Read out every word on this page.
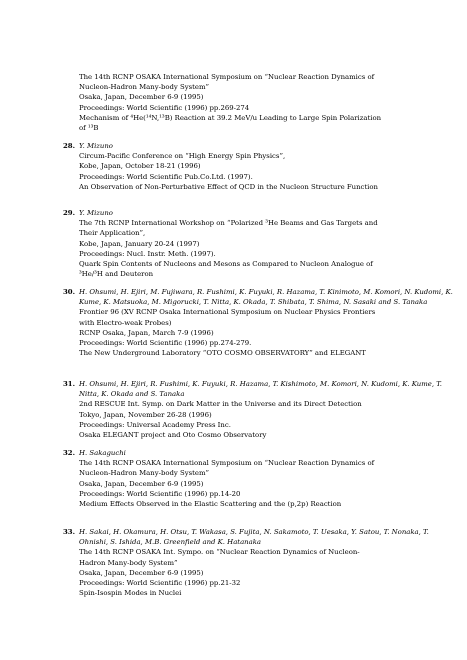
The 14th RCNP OSAKA International Symposium on “Nuclear Reaction Dynamics of
Nucleon-Hadron Many-body System”
Osaka, Japan, December 6-9 (1995)
Proceedings: World Scientific (1996) pp.269-274
Mechanism of ⁴He(¹⁴N,¹³B) Reaction at 39.2 MeV/u Leading to Large Spin Polarization
of ¹³B
28. Y. Mizuno
Circum-Pacific Conference on “High Energy Spin Physics”,
Kobe, Japan, October 18-21 (1996)
Proceedings: World Scientific Pub.Co.Ltd. (1997).
An Observation of Non-Perturbative Effect of QCD in the Nucleon Structure Function
29. Y. Mizuno
The 7th RCNP International Workshop on “Polarized ³He Beams and Gas Targets and
Their Application”,
Kobe, Japan, January 20-24 (1997)
Proceedings: Nucl. Instr. Meth. (1997).
Quark Spin Contents of Nucleons and Mesons as Compared to Nucleon Analogue of
³He/³H and Deuteron
30. H. Ohsumi, H. Ejiri, M. Fujiwara, R. Fushimi, K. Fuyuki, R. Hazama, T. Kinimoto, M. Komori, N. Kudomi, K. Kume, K. Matsuoka, M. Migorucki, T. Nitta, K. Okada, T. Shibata, T. Shima, N. Sasaki and S. Tanaka
Frontier 96 (XV RCNP Osaka International Symposium on Nuclear Physics Frontiers
with Electro-weak Probes)
RCNP Osaka, Japan, March 7-9 (1996)
Proceedings: World Scientific (1996) pp.274-279.
The New Underground Laboratory “OTO COSMO OBSERVATORY” and ELEGANT
31. H. Ohsumi, H. Ejiri, R. Fushimi, K. Fuyuki, R. Hazama, T. Kishimoto, M. Komori, N. Kudomi, K. Kume, T. Nitta, K. Okada and S. Tanaka
2nd RESCUE Int. Symp. on Dark Matter in the Universe and its Direct Detection
Tokyo, Japan, November 26-28 (1996)
Proceedings: Universal Academy Press Inc.
Osaka ELEGANT project and Oto Cosmo Observatory
32. H. Sakaguchi
The 14th RCNP OSAKA International Symposium on “Nuclear Reaction Dynamics of
Nucleon-Hadron Many-body System”
Osaka, Japan, December 6-9 (1995)
Proceedings: World Scientific (1996) pp.14-20
Medium Effects Observed in the Elastic Scattering and the (p,2p) Reaction
33. H. Sakai, H. Okamura, H. Otsu, T. Wakasa, S. Fujita, N. Sakamoto, T. Uesaka, Y. Satou, T. Nonaka, T. Ohnishi, S. Ishida, M.B. Greenfield and K. Hatanaka
The 14th RCNP OSAKA Int. Sympo. on “Nuclear Reaction Dynamics of Nucleon-
Hadron Many-body System”
Osaka, Japan, December 6-9 (1995)
Proceedings: World Scientific (1996) pp.21-32
Spin-Isospin Modes in Nuclei
